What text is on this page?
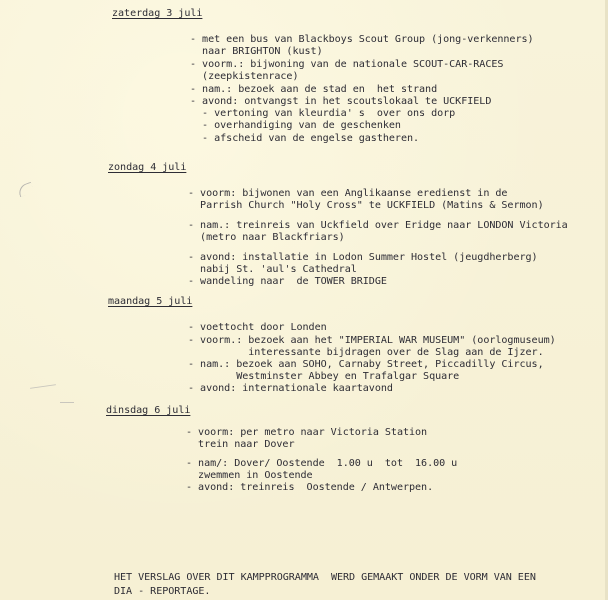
zaterdag 3 juli
- met een bus van Blackboys Scout Group (jong-verkenners)
naar BRIGHTON (kust)
- voorm.: bijwoning van de nationale SCOUT-CAR-RACES
(zeepkistenrace)
- nam.: bezoek aan de stad en  het strand
- avond: ontvangst in het scoutslokaal te UCKFIELD
- vertoning van kleurdia' s  over ons dorp
- overhandiging van de geschenken
- afscheid van de engelse gastheren.
zondag 4 juli
- voorm: bijwonen van een Anglikaanse eredienst in de
Parrish Church "Holy Cross" te UCKFIELD (Matins & Sermon)
- nam.: treinreis van Uckfield over Eridge naar LONDON Victoria
(metro naar Blackfriars)
- avond: installatie in Lodon Summer Hostel (jeugdherberg)
nabij St. 'aul's Cathedral
- wandeling naar  de TOWER BRIDGE
maandag 5 juli
- voettocht door Londen
- voorm.: bezoek aan het "IMPERIAL WAR MUSEUM" (oorlogmuseum)
interessante bijdragen over de Slag aan de Ijzer.
- nam.: bezoek aan SOHO, Carnaby Street, Piccadilly Circus,
Westminster Abbey en Trafalgar Square
- avond: internationale kaartavond
dinsdag 6 juli
- voorm: per metro naar Victoria Station
trein naar Dover
- nam/: Dover/ Oostende  1.00 u  tot  16.00 u
zwemmen in Oostende
- avond: treinreis  Oostende / Antwerpen.
HET VERSLAG OVER DIT KAMPPROGRAMMA  WERD GEMAAKT ONDER DE VORM VAN EEN
DIA - REPORTAGE.
